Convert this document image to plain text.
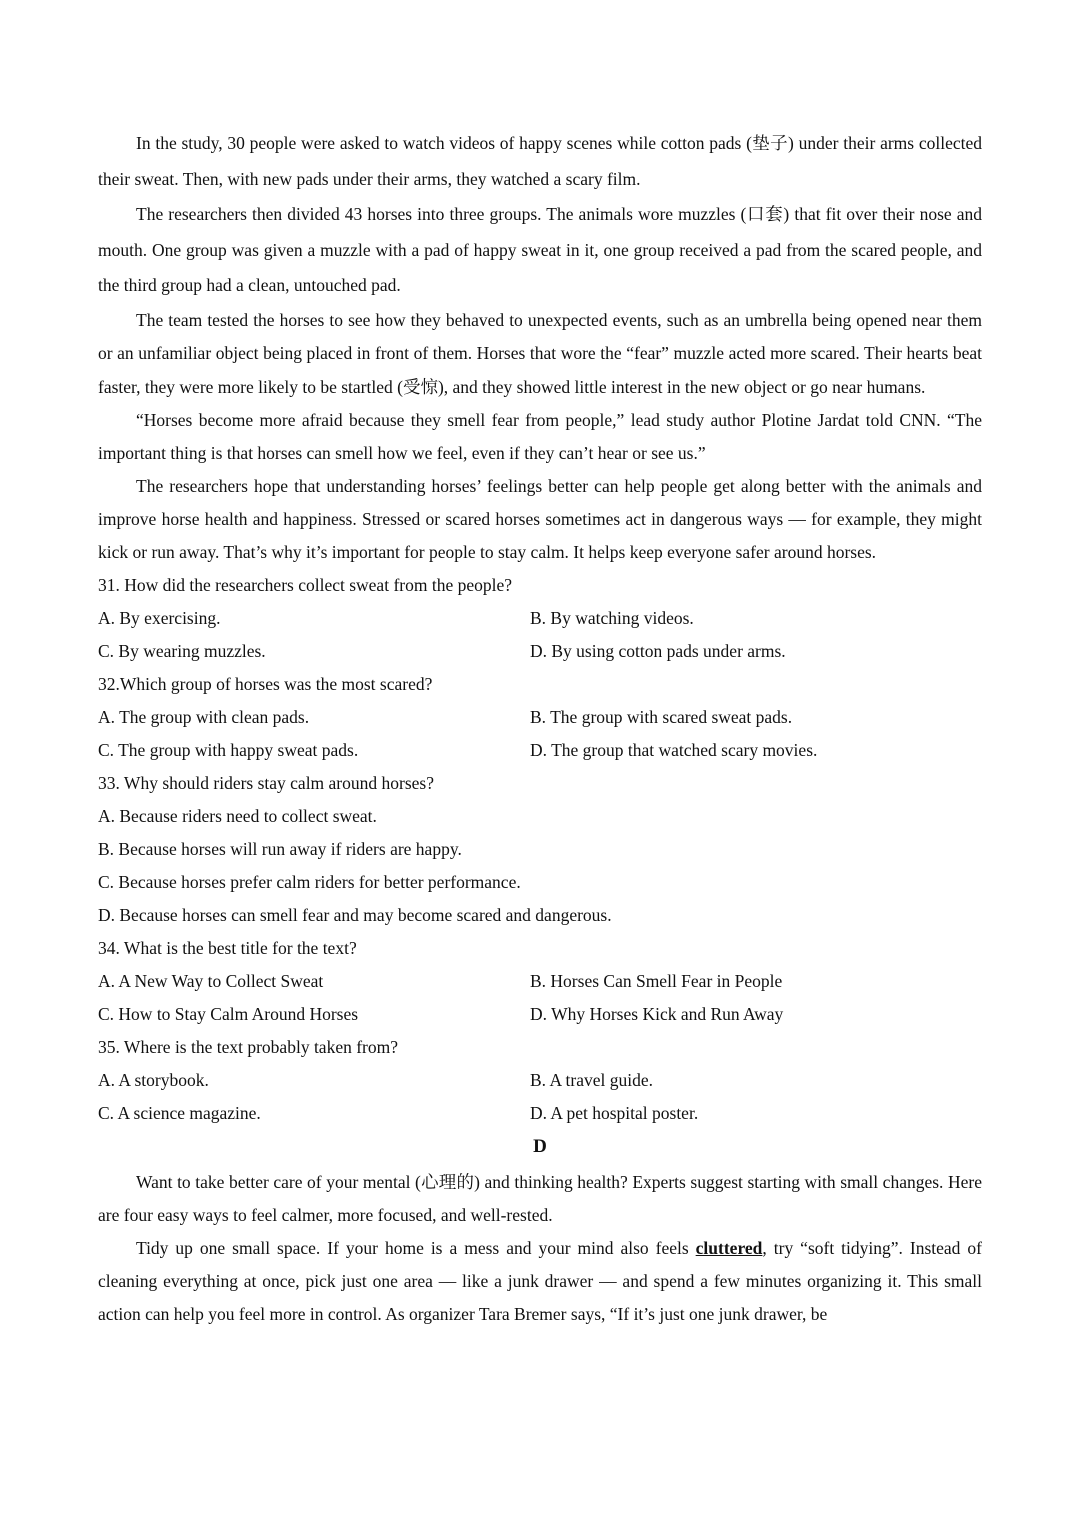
In the study, 30 people were asked to watch videos of happy scenes while cotton pads (垫子) under their arms collected their sweat. Then, with new pads under their arms, they watched a scary film.

The researchers then divided 43 horses into three groups. The animals wore muzzles (口套) that fit over their nose and mouth. One group was given a muzzle with a pad of happy sweat in it, one group received a pad from the scared people, and the third group had a clean, untouched pad.

The team tested the horses to see how they behaved to unexpected events, such as an umbrella being opened near them or an unfamiliar object being placed in front of them. Horses that wore the “fear” muzzle acted more scared. Their hearts beat faster, they were more likely to be startled (受惊), and they showed little interest in the new object or go near humans.

“Horses become more afraid because they smell fear from people,” lead study author Plotine Jardat told CNN. “The important thing is that horses can smell how we feel, even if they can’t hear or see us.”

The researchers hope that understanding horses’ feelings better can help people get along better with the animals and improve horse health and happiness. Stressed or scared horses sometimes act in dangerous ways — for example, they might kick or run away. That’s why it’s important for people to stay calm. It helps keep everyone safer around horses.

31. How did the researchers collect sweat from the people?

A. By exercising.	B. By watching videos.
C. By wearing muzzles.	D. By using cotton pads under arms.

32.Which group of horses was the most scared?

A. The group with clean pads.	B. The group with scared sweat pads.
C. The group with happy sweat pads.	D. The group that watched scary movies.

33. Why should riders stay calm around horses?

A. Because riders need to collect sweat.
B. Because horses will run away if riders are happy.
C. Because horses prefer calm riders for better performance.
D. Because horses can smell fear and may become scared and dangerous.

34. What is the best title for the text?

A. A New Way to Collect Sweat	B. Horses Can Smell Fear in People
C. How to Stay Calm Around Horses	D. Why Horses Kick and Run Away

35. Where is the text probably taken from?

A. A storybook.	B. A travel guide.
C. A science magazine.	D. A pet hospital poster.

D

Want to take better care of your mental (心理的) and thinking health? Experts suggest starting with small changes. Here are four easy ways to feel calmer, more focused, and well-rested.

Tidy up one small space. If your home is a mess and your mind also feels cluttered, try “soft tidying”. Instead of cleaning everything at once, pick just one area — like a junk drawer — and spend a few minutes organizing it. This small action can help you feel more in control. As organizer Tara Bremer says, “If it’s just one junk drawer, be
